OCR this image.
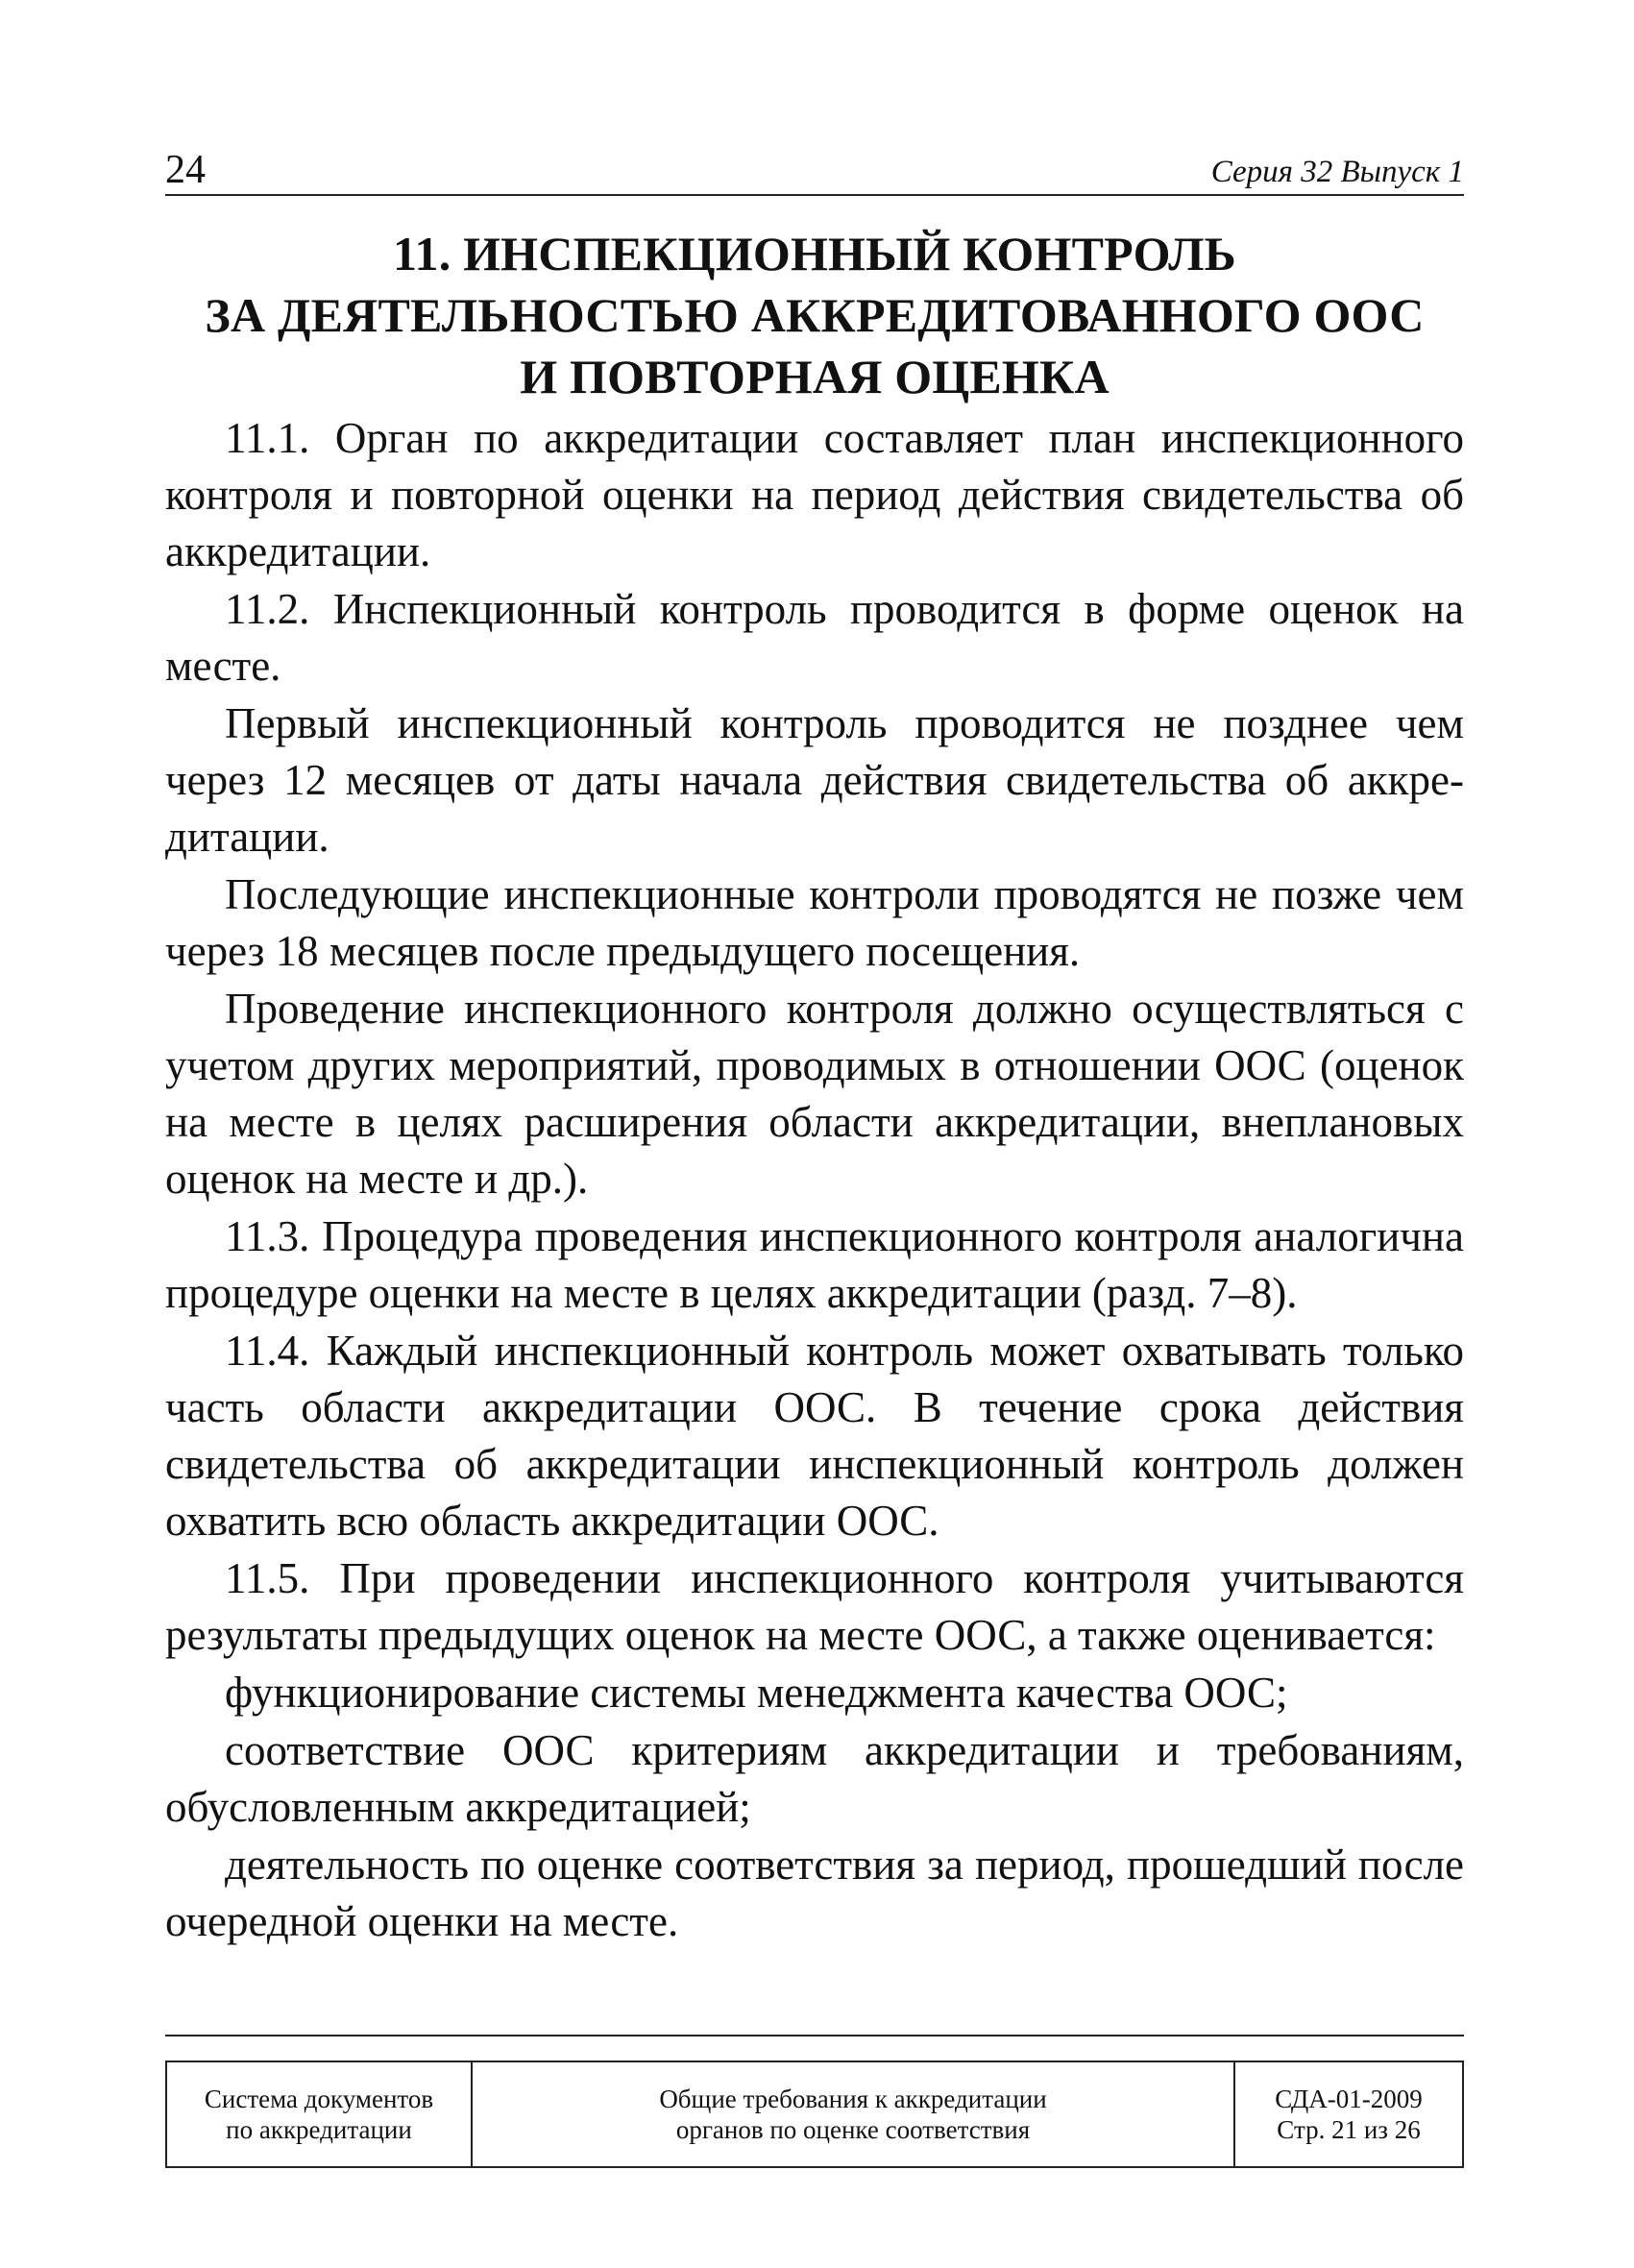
24	Серия 32 Выпуск 1
11. ИНСПЕКЦИОННЫЙ КОНТРОЛЬ
ЗА ДЕЯТЕЛЬНОСТЬЮ АККРЕДИТОВАННОГО ООС
И ПОВТОРНАЯ ОЦЕНКА

11.1. Орган по аккредитации составляет план инспекционного контроля и повторной оценки на период действия свидетельства об аккредитации.

11.2. Инспекционный контроль проводится в форме оценок на месте.

Первый инспекционный контроль проводится не позднее чем через 12 месяцев от даты начала действия свидетельства об аккредитации.

Последующие инспекционные контроли проводятся не позже чем через 18 месяцев после предыдущего посещения.

Проведение инспекционного контроля должно осуществляться с учетом других мероприятий, проводимых в отношении ООС (оценок на месте в целях расширения области аккредитации, внеплановых оценок на месте и др.).

11.3. Процедура проведения инспекционного контроля аналогична процедуре оценки на месте в целях аккредитации (разд. 7–8).

11.4. Каждый инспекционный контроль может охватывать только часть области аккредитации ООС. В течение срока действия свидетельства об аккредитации инспекционный контроль должен охватить всю область аккредитации ООС.

11.5. При проведении инспекционного контроля учитываются результаты предыдущих оценок на месте ООС, а также оценивается:

функционирование системы менеджмента качества ООС;

соответствие ООС критериям аккредитации и требованиям, обусловленным аккредитацией;

деятельность по оценке соответствия за период, прошедший после очередной оценки на месте.

Система документов
по аккредитации
Общие требования к аккредитации
органов по оценке соответствия
СДА-01-2009
Стр. 21 из 26
